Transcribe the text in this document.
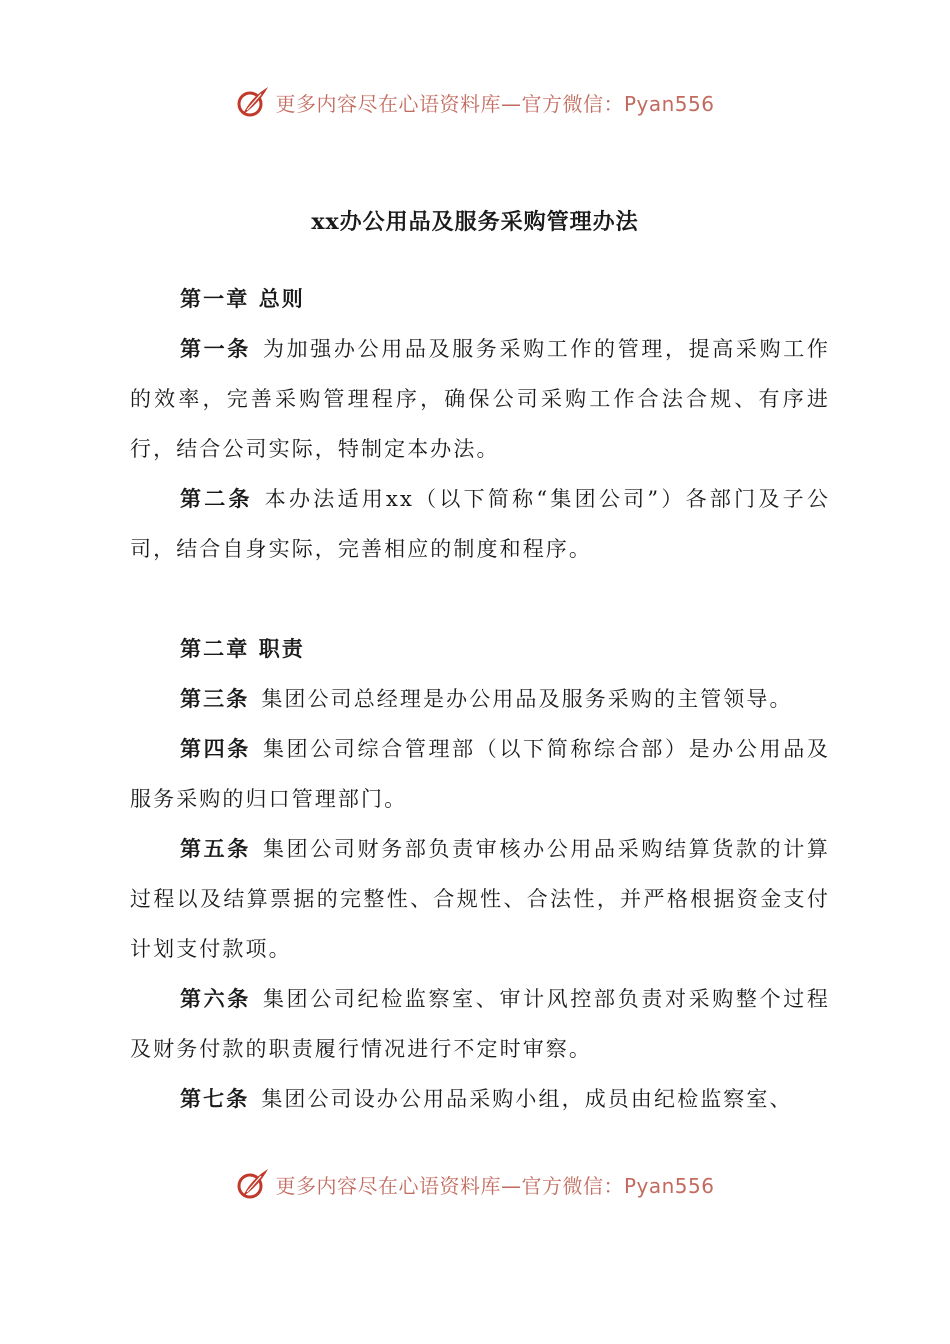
更多内容尽在心语资料库—官方微信：Pyan556
xx办公用品及服务采购管理办法

第一章 总则

第一条 为加强办公用品及服务采购工作的管理，提高采购工作的效率，完善采购管理程序，确保公司采购工作合法合规、有序进行，结合公司实际，特制定本办法。

第二条 本办法适用xx（以下简称“集团公司”）各部门及子公司，结合自身实际，完善相应的制度和程序。

第二章 职责

第三条 集团公司总经理是办公用品及服务采购的主管领导。

第四条 集团公司综合管理部（以下简称综合部）是办公用品及服务采购的归口管理部门。

第五条 集团公司财务部负责审核办公用品采购结算货款的计算过程以及结算票据的完整性、合规性、合法性，并严格根据资金支付计划支付款项。

第六条 集团公司纪检监察室、审计风控部负责对采购整个过程及财务付款的职责履行情况进行不定时审察。

第七条 集团公司设办公用品采购小组，成员由纪检监察室、

更多内容尽在心语资料库—官方微信：Pyan556
